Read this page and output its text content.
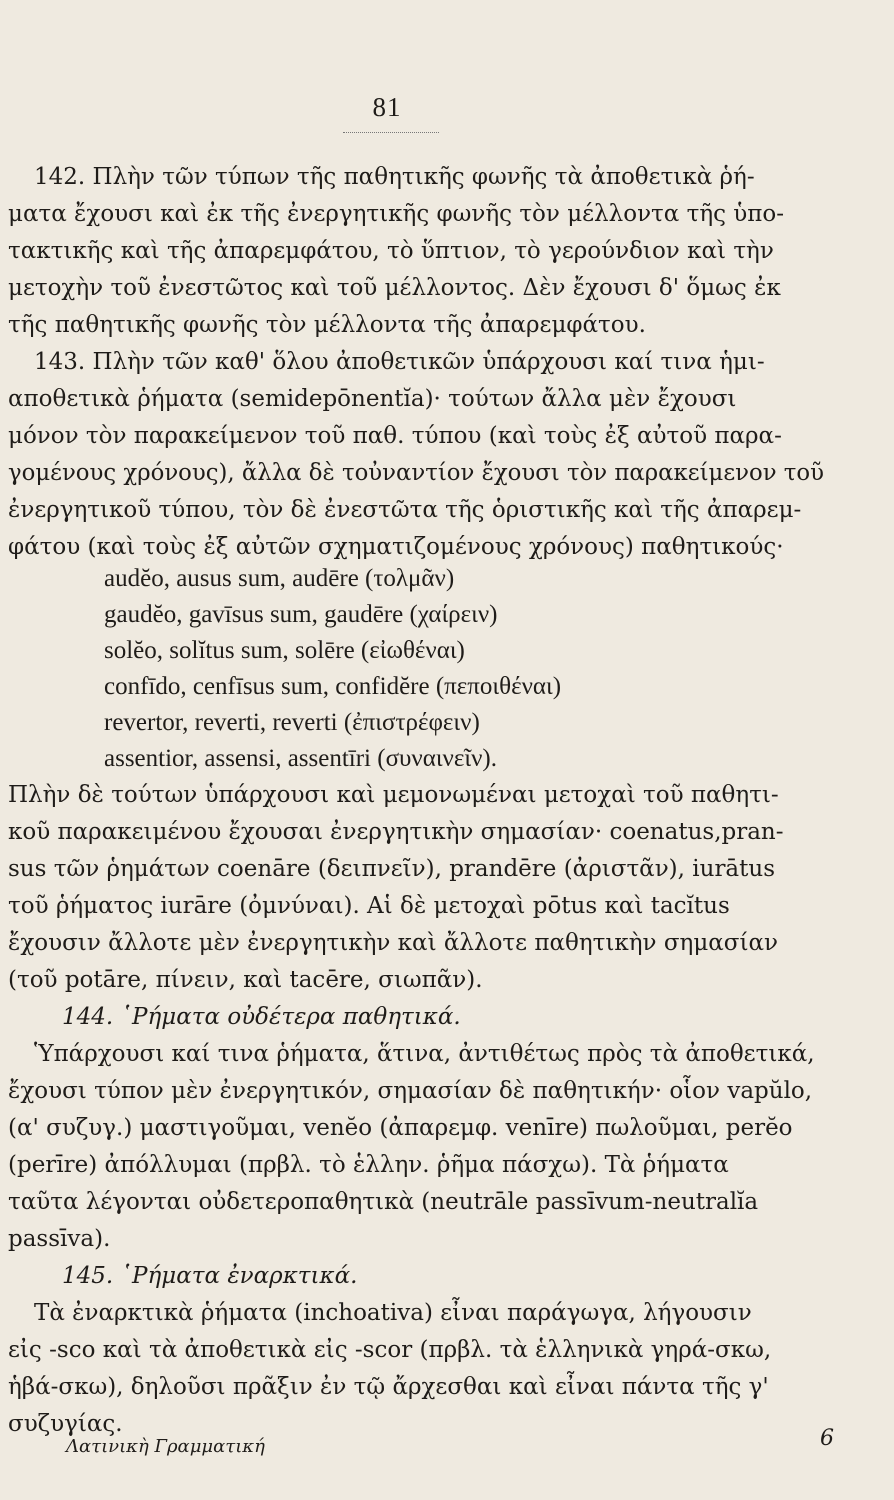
81
142. Πλὴν τῶν τύπων τῆς παθητικῆς φωνῆς τὰ ἀποθετικὰ ῥή-
ματα ἔχουσι καὶ ἐκ τῆς ἐνεργητικῆς φωνῆς τὸν μέλλοντα τῆς ὑπο-
τακτικῆς καὶ τῆς ἀπαρεμφάτου, τὸ ὕπτιον, τὸ γερούνδιον καὶ τὴν
μετοχὴν τοῦ ἐνεστῶτος καὶ τοῦ μέλλοντος. Δὲν ἔχουσι δ' ὅμως ἐκ
τῆς παθητικῆς φωνῆς τὸν μέλλοντα τῆς ἀπαρεμφάτου.
143. Πλὴν τῶν καθ' ὅλου ἀποθετικῶν ὑπάρχουσι καί τινα ἡμι-
αποθετικὰ ῥήματα (semidepōnentĭa)· τούτων ἄλλα μὲν ἔχουσι
μόνον τὸν παρακείμενον τοῦ παθ. τύπου (καὶ τοὺς ἐξ αὐτοῦ παρα-
γομένους χρόνους), ἄλλα δὲ τοὐναντίον ἔχουσι τὸν παρακείμενον τοῦ
ἐνεργητικοῦ τύπου, τὸν δὲ ἐνεστῶτα τῆς ὁριστικῆς καὶ τῆς ἀπαρεμ-
φάτου (καὶ τοὺς ἐξ αὐτῶν σχηματιζομένους χρόνους) παθητικούς·
audĕo, ausus sum, audēre (τολμᾶν)
gaudĕo, gavīsus sum, gaudēre (χαίρειν)
solĕo, solĭtus sum, solēre (εἰωθέναι)
confīdo, cenfīsus sum, confidĕre (πεποιθέναι)
revertor, reverti, reverti (ἐπιστρέφειν)
assentior, assensi, assentīri (συναινεῖν).
Πλὴν δὲ τούτων ὑπάρχουσι καὶ μεμονωμέναι μετοχαὶ τοῦ παθητι-
κοῦ παρακειμένου ἔχουσαι ἐνεργητικὴν σημασίαν· coenatus,pran-
sus τῶν ῥημάτων coenāre (δειπνεῖν), prandēre (ἀριστᾶν), iurātus
τοῦ ῥήματος iurāre (ὀμνύναι). Αἱ δὲ μετοχαὶ pōtus καὶ tacĭtus
ἔχουσιν ἄλλοτε μὲν ἐνεργητικὴν καὶ ἄλλοτε παθητικὴν σημασίαν
(τοῦ potāre, πίνειν, καὶ tacēre, σιωπᾶν).
144. ῾Ρήματα οὐδέτερα παθητικά.
Ὑπάρχουσι καί τινα ῥήματα, ἅτινα, ἀντιθέτως πρὸς τὰ ἀποθετικά,
ἔχουσι τύπον μὲν ἐνεργητικόν, σημασίαν δὲ παθητικήν· οἷον vapŭlo,
(α' συζυγ.) μαστιγοῦμαι, venĕo (ἀπαρεμφ. venīre) πωλοῦμαι, perĕo
(perīre) ἀπόλλυμαι (πρβλ. τὸ ἑλλην. ῥῆμα πάσχω). Τὰ ῥήματα
ταῦτα λέγονται οὐδετεροπαθητικὰ (neutrāle passīvum-neutralĭa
passīva).
145. ῾Ρήματα ἐναρκτικά.
Τὰ ἐναρκτικὰ ῥήματα (inchoativa) εἶναι παράγωγα, λήγουσιν
εἰς -sco καὶ τὰ ἀποθετικὰ εἰς -scor (πρβλ. τὰ ἑλληνικὰ γηρά-σκω,
ἡβά-σκω), δηλοῦσι πρᾶξιν ἐν τῷ ἄρχεσθαι καὶ εἶναι πάντα τῆς γ'
συζυγίας.
Λατινικὴ Γραμματική	6
